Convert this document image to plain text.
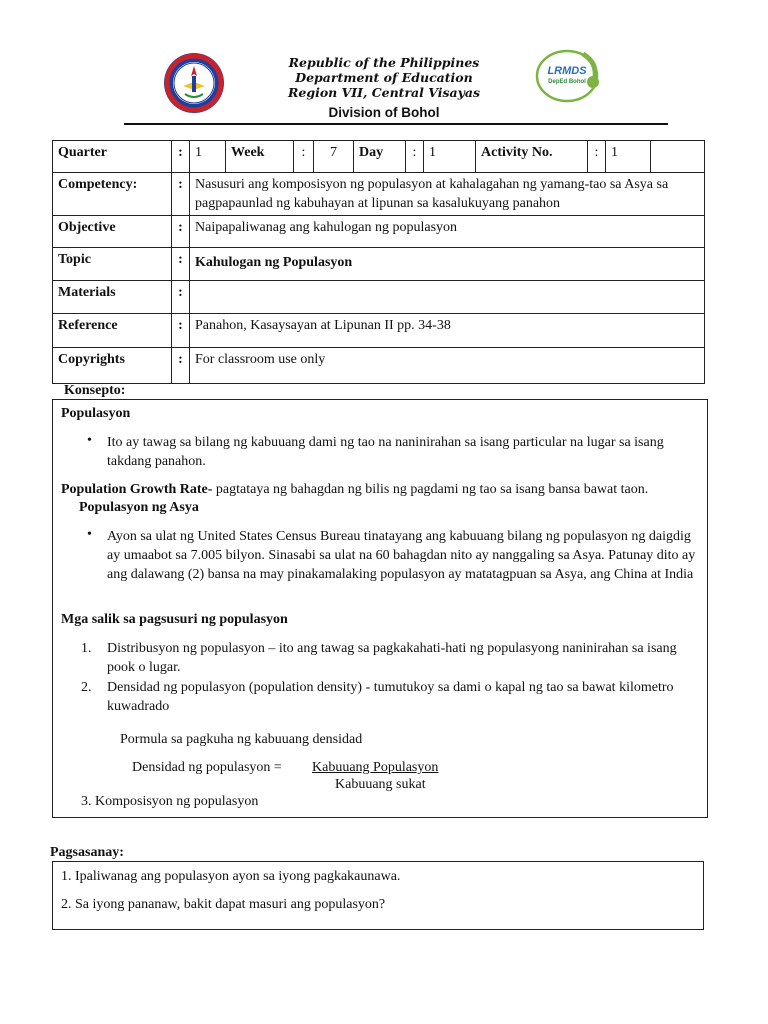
Republic of the Philippines
Department of Education
Region VII, Central Visayas
Division of Bohol
LRMDS
DepEd Bohol
Quarter	:	1	Week	:	7	Day	:	1	Activity No.	:	1

Competency:	:	Nasusuri ang komposisyon ng populasyon at kahalagahan ng yamang-tao sa Asya sa pagpapaunlad ng kabuhayan at lipunan sa kasalukuyang panahon									
Objective	:	Naipapaliwanag ang kahulogan ng populasyon									
Topic	:	Kahulogan ng Populasyon									
Materials	:										
Reference	:	Panahon, Kasaysayan at Lipunan II pp. 34-38									
Copyrights	:	For classroom use only									
Konsepto:
Populasyon
• Ito ay tawag sa bilang ng kabuuang dami ng tao na naninirahan sa isang particular na lugar sa isang takdang panahon.
Population Growth Rate- pagtataya ng bahagdan ng bilis ng pagdami ng tao sa isang bansa bawat taon.
Populasyon ng Asya
• Ayon sa ulat ng United States Census Bureau tinatayang ang kabuuang bilang ng populasyon ng daigdig ay umaabot sa 7.005 bilyon. Sinasabi sa ulat na 60 bahagdan nito ay nanggaling sa Asya. Patunay dito ay ang dalawang (2) bansa na may pinakamalaking populasyon ay matatagpuan sa Asya, ang China at India
Mga salik sa pagsusuri ng populasyon
1. Distribusyon ng populasyon – ito ang tawag sa pagkakahati-hati ng populasyong naninirahan sa isang pook o lugar.
2. Densidad ng populasyon (population density) - tumutukoy sa dami o kapal ng tao sa bawat kilometro kuwadrado
Pormula sa pagkuha ng kabuuang densidad
Densidad ng populasyon = Kabuuang Populasyon
Kabuuang sukat
3. Komposisyon ng populasyon
Pagsasanay:
1. Ipaliwanag ang populasyon ayon sa iyong pagkakaunawa.
2. Sa iyong pananaw, bakit dapat masuri ang populasyon?
